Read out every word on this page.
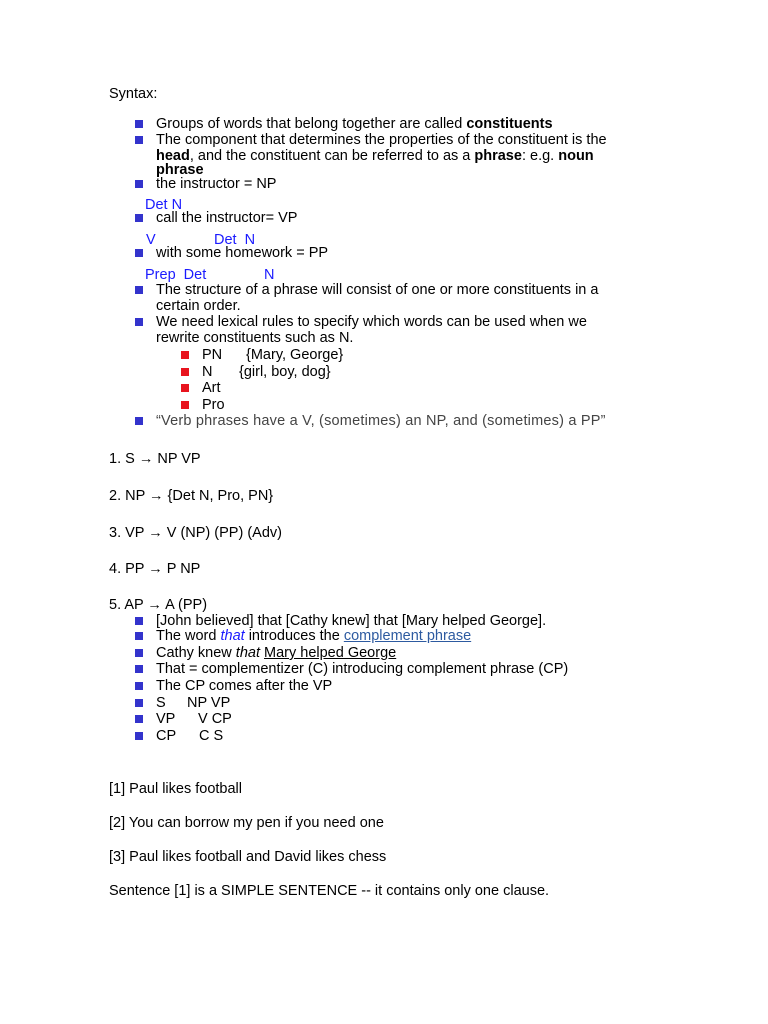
Syntax:
Groups of words that belong together are called constituents
The component that determines the properties of the constituent is the
head, and the constituent can be referred to as a phrase: e.g. noun
phrase
the instructor = NP
Det N
call the instructor= VP
V	Det  N
with some homework = PP
Prep  Det	N
The structure of a phrase will consist of one or more constituents in a
certain order.
We need lexical rules to specify which words can be used when we
rewrite constituents such as N.
PN {Mary, George}
N {girl, boy, dog}
Art
Pro
“Verb phrases have a V, (sometimes) an NP, and (sometimes) a PP”
1. S → NP VP
2. NP → {Det N, Pro, PN}
3. VP → V (NP) (PP) (Adv)
4. PP → P NP
5. AP → A (PP)
[John believed] that [Cathy knew] that [Mary helped George].
The word that introduces the complement phrase
Cathy knew that Mary helped George
That = complementizer (C) introducing complement phrase (CP)
The CP comes after the VP
S NP VP
VP V CP
CP C S
[1] Paul likes football
[2] You can borrow my pen if you need one
[3] Paul likes football and David likes chess
Sentence [1] is a SIMPLE SENTENCE -- it contains only one clause.
